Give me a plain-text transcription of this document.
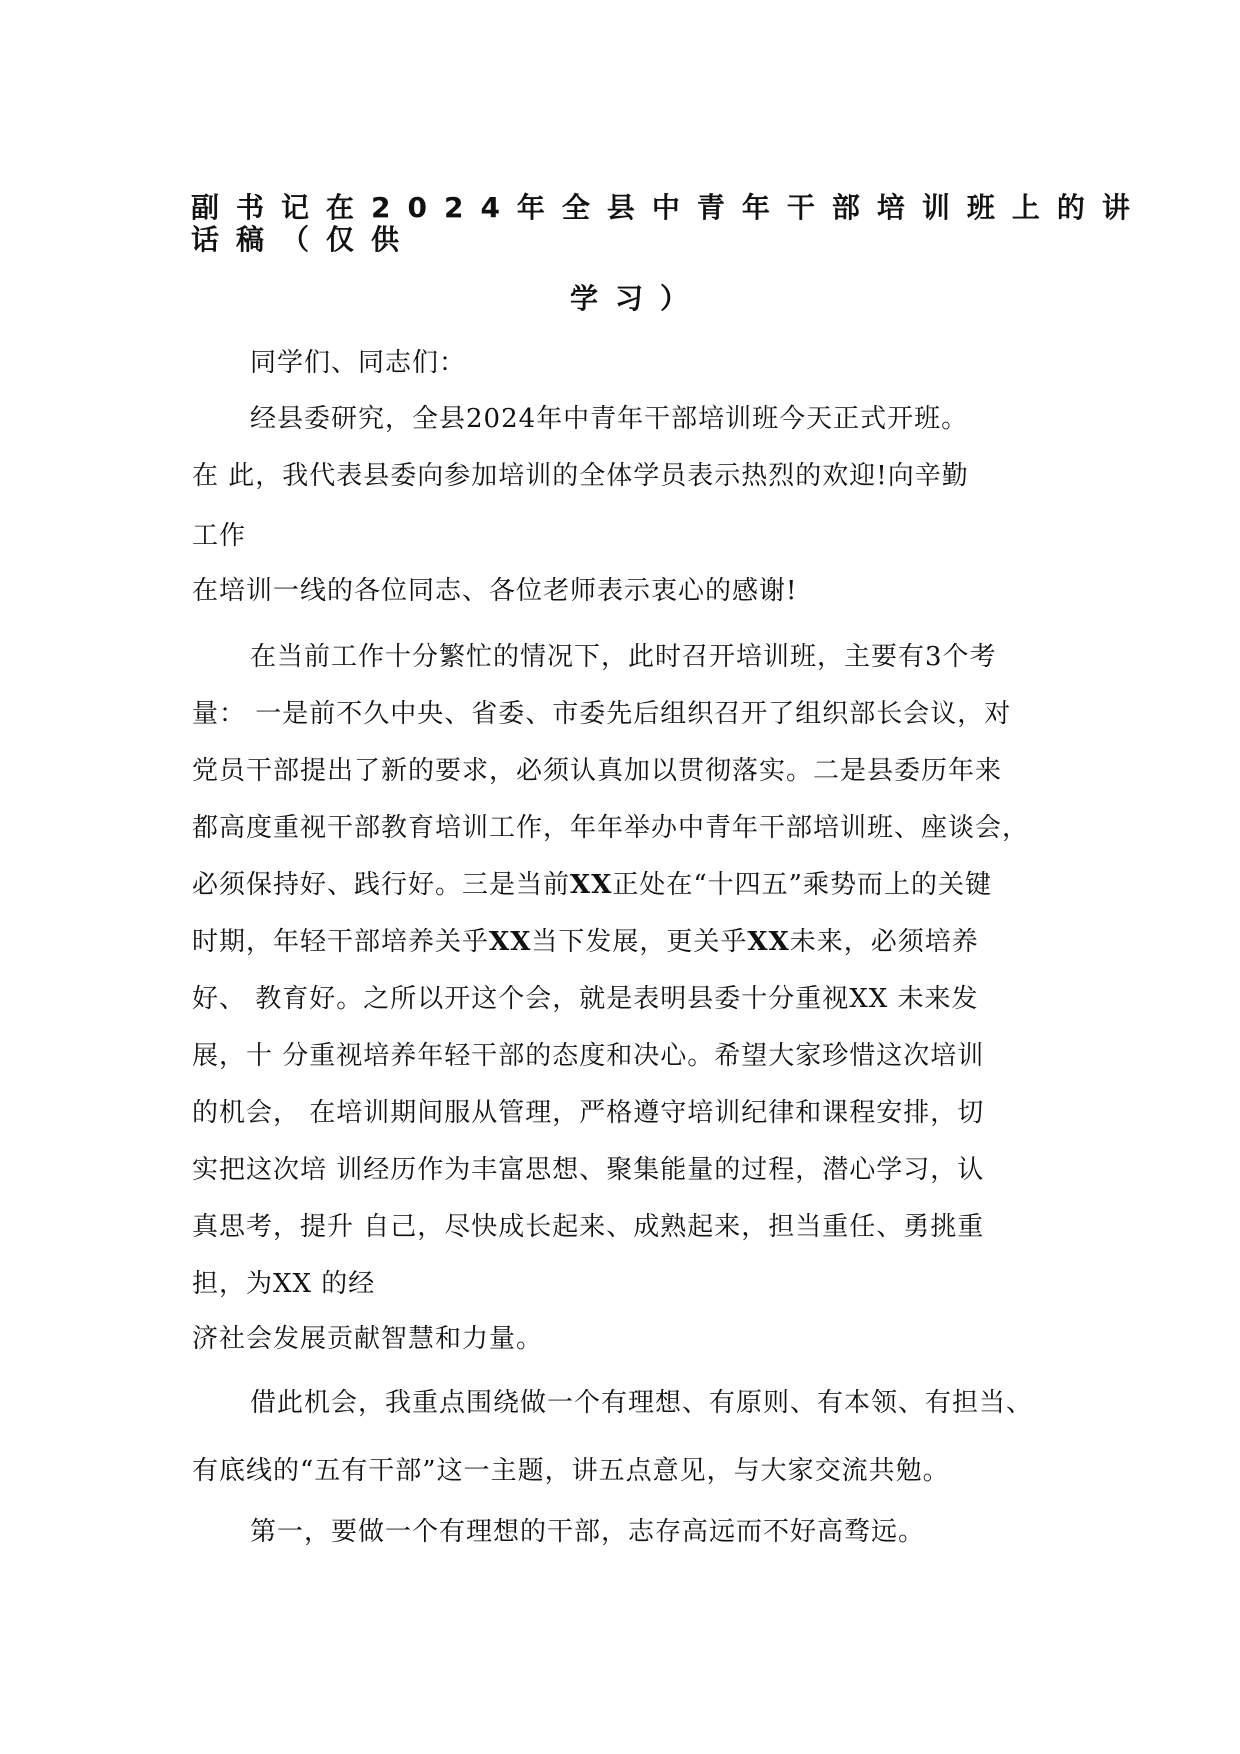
副书记在2024年全县中青年干部培训班上的讲
话稿（仅供
学习）
同学们、同志们：
经县委研究，全县2024年中青年干部培训班今天正式开班。
在 此，我代表县委向参加培训的全体学员表示热烈的欢迎!向辛勤
工作
在培训一线的各位同志、各位老师表示衷心的感谢!
在当前工作十分繁忙的情况下，此时召开培训班，主要有3个考
量： 一是前不久中央、省委、市委先后组织召开了组织部长会议，对
党员干部提出了新的要求，必须认真加以贯彻落实。二是县委历年来
都高度重视干部教育培训工作，年年举办中青年干部培训班、座谈会，
必须保持好、践行好。三是当前XX正处在“十四五”乘势而上的关键
时期，年轻干部培养关乎XX当下发展，更关乎XX未来，必须培养
好、 教育好。之所以开这个会，就是表明县委十分重视XX 未来发
展，十 分重视培养年轻干部的态度和决心。希望大家珍惜这次培训
的机会， 在培训期间服从管理，严格遵守培训纪律和课程安排，切
实把这次培 训经历作为丰富思想、聚集能量的过程，潜心学习，认
真思考，提升 自己，尽快成长起来、成熟起来，担当重任、勇挑重
担，为XX 的经
济社会发展贡献智慧和力量。
借此机会，我重点围绕做一个有理想、有原则、有本领、有担当、
有底线的“五有干部”这一主题，讲五点意见，与大家交流共勉。
第一，要做一个有理想的干部，志存高远而不好高骛远。
